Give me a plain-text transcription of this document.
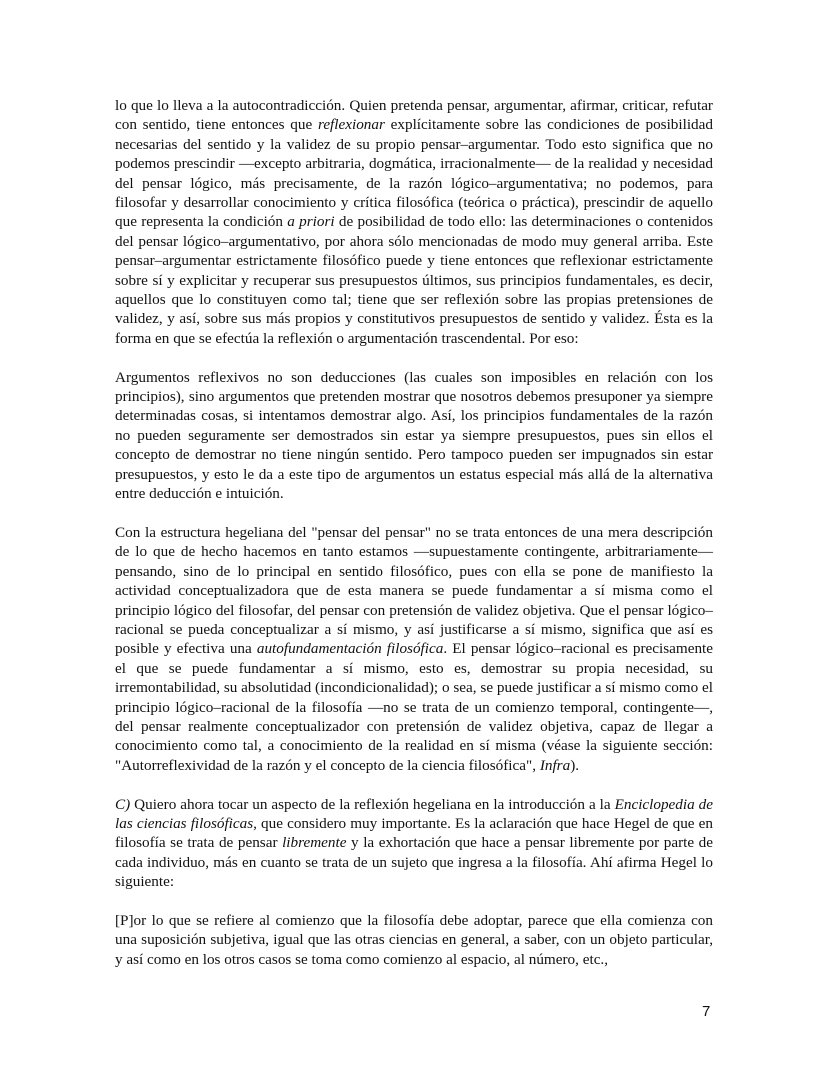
lo que lo lleva a la autocontradicción. Quien pretenda pensar, argumentar, afirmar, criticar, refutar con sentido, tiene entonces que reflexionar explícitamente sobre las condiciones de posibilidad necesarias del sentido y la validez de su propio pensar–argumentar. Todo esto significa que no podemos prescindir —excepto arbitraria, dogmática, irracionalmente— de la realidad y necesidad del pensar lógico, más precisamente, de la razón lógico–argumentativa; no podemos, para filosofar y desarrollar conocimiento y crítica filosófica (teórica o práctica), prescindir de aquello que representa la condición a priori de posibilidad de todo ello: las determinaciones o contenidos del pensar lógico–argumentativo, por ahora sólo mencionadas de modo muy general arriba. Este pensar–argumentar estrictamente filosófico puede y tiene entonces que reflexionar estrictamente sobre sí y explicitar y recuperar sus presupuestos últimos, sus principios fundamentales, es decir, aquellos que lo constituyen como tal; tiene que ser reflexión sobre las propias pretensiones de validez, y así, sobre sus más propios y constitutivos presupuestos de sentido y validez. Ésta es la forma en que se efectúa la reflexión o argumentación trascendental. Por eso:

Argumentos reflexivos no son deducciones (las cuales son imposibles en relación con los principios), sino argumentos que pretenden mostrar que nosotros debemos presuponer ya siempre determinadas cosas, si intentamos demostrar algo. Así, los principios fundamentales de la razón no pueden seguramente ser demostrados sin estar ya siempre presupuestos, pues sin ellos el concepto de demostrar no tiene ningún sentido. Pero tampoco pueden ser impugnados sin estar presupuestos, y esto le da a este tipo de argumentos un estatus especial más allá de la alternativa entre deducción e intuición.

Con la estructura hegeliana del "pensar del pensar" no se trata entonces de una mera descripción de lo que de hecho hacemos en tanto estamos —supuestamente contingente, arbitrariamente— pensando, sino de lo principal en sentido filosófico, pues con ella se pone de manifiesto la actividad conceptualizadora que de esta manera se puede fundamentar a sí misma como el principio lógico del filosofar, del pensar con pretensión de validez objetiva. Que el pensar lógico–racional se pueda conceptualizar a sí mismo, y así justificarse a sí mismo, significa que así es posible y efectiva una autofundamentación filosófica. El pensar lógico–racional es precisamente el que se puede fundamentar a sí mismo, esto es, demostrar su propia necesidad, su irremontabilidad, su absolutidad (incondicionalidad); o sea, se puede justificar a sí mismo como el principio lógico–racional de la filosofía —no se trata de un comienzo temporal, contingente—, del pensar realmente conceptualizador con pretensión de validez objetiva, capaz de llegar a conocimiento como tal, a conocimiento de la realidad en sí misma (véase la siguiente sección: "Autorreflexividad de la razón y el concepto de la ciencia filosófica", Infra).

C) Quiero ahora tocar un aspecto de la reflexión hegeliana en la introducción a la Enciclopedia de las ciencias filosóficas, que considero muy importante. Es la aclaración que hace Hegel de que en filosofía se trata de pensar libremente y la exhortación que hace a pensar libremente por parte de cada individuo, más en cuanto se trata de un sujeto que ingresa a la filosofía. Ahí afirma Hegel lo siguiente:

[P]or lo que se refiere al comienzo que la filosofía debe adoptar, parece que ella comienza con una suposición subjetiva, igual que las otras ciencias en general, a saber, con un objeto particular, y así como en los otros casos se toma como comienzo al espacio, al número, etc.,

7
